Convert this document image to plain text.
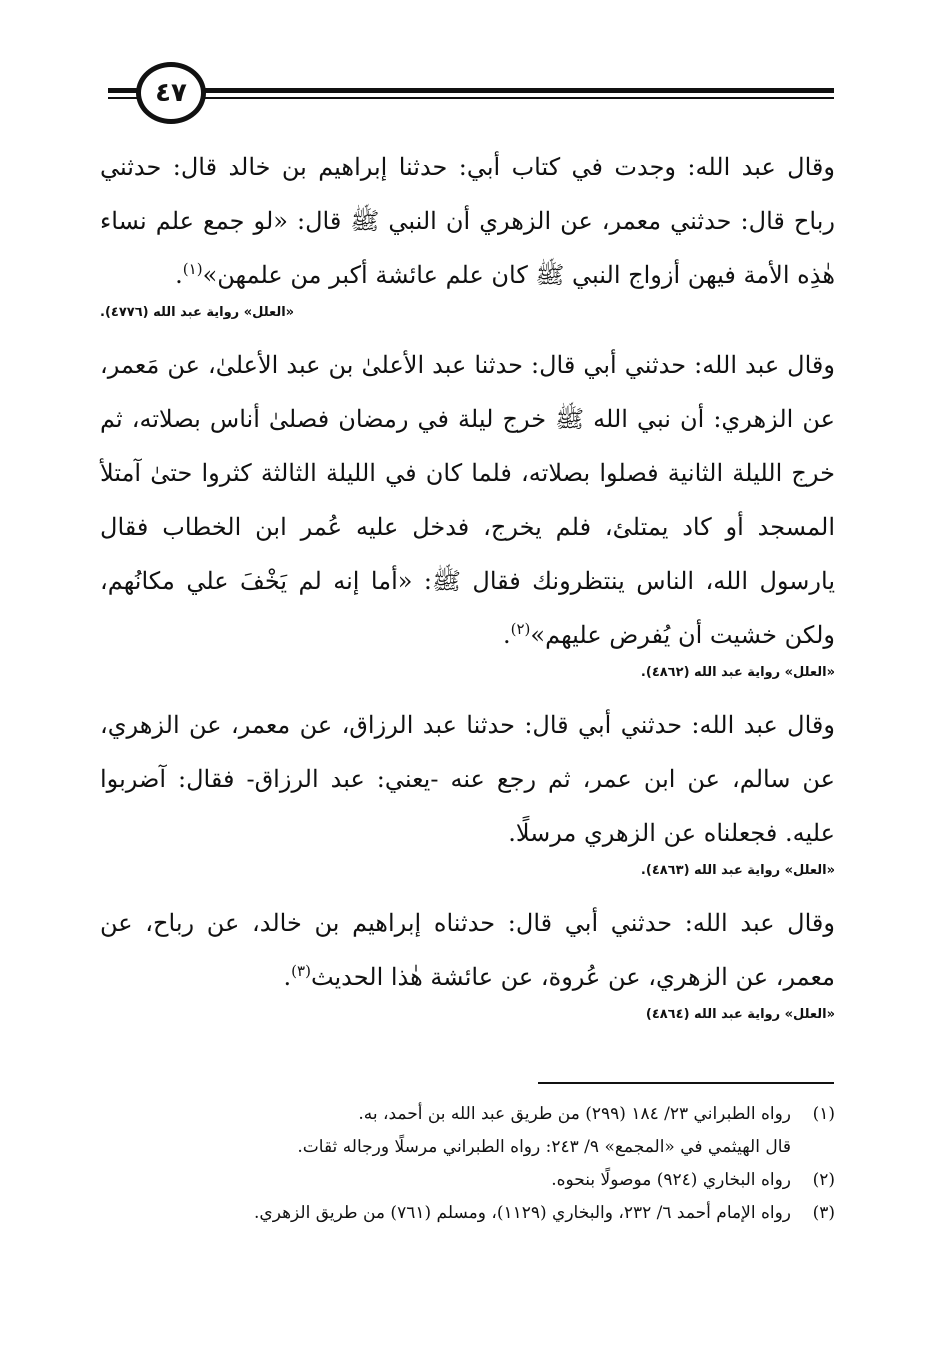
٤٧

وقال عبد الله: وجدت في كتاب أبي: حدثنا إبراهيم بن خالد قال: حدثني رباح قال: حدثني معمر، عن الزهري أن النبي ﷺ قال: «لو جمع علم نساء هٰذِه الأمة فيهن أزواج النبي ﷺ كان علم عائشة أكبر من علمهن»$^{(١)}$.

«العلل» رواية عبد الله (٤٧٧٦).

وقال عبد الله: حدثني أبي قال: حدثنا عبد الأعلىٰ بن عبد الأعلىٰ، عن مَعمر، عن الزهري: أن نبي الله ﷺ خرج ليلة في رمضان فصلىٰ أناس بصلاته، ثم خرج الليلة الثانية فصلوا بصلاته، فلما كان في الليلة الثالثة كثروا حتىٰ آمتلأ المسجد أو كاد يمتلئ، فلم يخرج، فدخل عليه عُمر ابن الخطاب فقال يارسول الله، الناس ينتظرونك فقال ﷺ: «أما إنه لم يَخْفَ علي مكانُهم، ولكن خشيت أن يُفرض عليهم»$^{(٢)}$.

«العلل» رواية عبد الله (٤٨٦٢).

وقال عبد الله: حدثني أبي قال: حدثنا عبد الرزاق، عن معمر، عن الزهري، عن سالم، عن ابن عمر، ثم رجع عنه -يعني: عبد الرزاق- فقال: آضربوا عليه. فجعلناه عن الزهري مرسلًا.

«العلل» رواية عبد الله (٤٨٦٣).

وقال عبد الله: حدثني أبي قال: حدثناه إبراهيم بن خالد، عن رباح، عن معمر، عن الزهري، عن عُروة، عن عائشة هٰذا الحديث$^{(٣)}$.

«العلل» رواية عبد الله (٤٨٦٤)
(١)
رواه الطبراني ٢٣/ ١٨٤ (٢٩٩) من طريق عبد الله بن أحمد، به.
قال الهيثمي في «المجمع» ٩/ ٢٤٣: رواه الطبراني مرسلًا ورجاله ثقات.
(٢)
رواه البخاري (٩٢٤) موصولًا بنحوه.
(٣)
رواه الإمام أحمد ٦/ ٢٣٢، والبخاري (١١٢٩)، ومسلم (٧٦١) من طريق الزهري.
